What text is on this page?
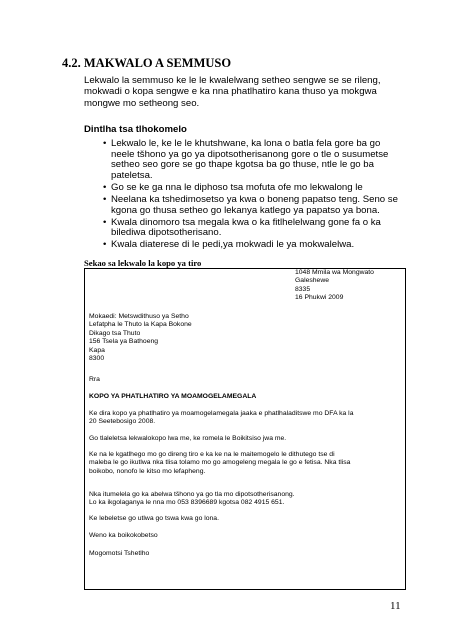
4.2. MAKWALO A SEMMUSO
Lekwalo la semmuso ke le le kwalelwang setheo sengwe se se rileng, mokwadi o kopa sengwe e ka nna phatlhatiro kana thuso ya mokgwa mongwe mo setheong seo.
Dintlha tsa tlhokomelo
• Lekwalo le, ke le le khutshwane, ka lona o batla fela gore ba go neele tšhono ya go ya dipotsotherisanong gore o tle o susumetse setheo seo gore se go thape kgotsa ba go thuse, ntle le go ba pateletsa.
• Go se ke ga nna le diphoso tsa mofuta ofe mo lekwalong le
• Neelana ka tshedimosetso ya kwa o boneng papatso teng. Seno se kgona go thusa setheo go lekanya katlego ya papatso ya bona.
• Kwala dinomoro tsa megala kwa o ka fitlhelelwang gone fa o ka bilediwa dipotsotherisano.
• Kwala diaterese di le pedi,ya mokwadi le ya mokwalelwa.
Sekao sa lekwalo la kopo ya tiro
1048 Mmila wa Mongwato
Galeshewe
8335
16 Phukwi 2009
Mokaedi: Metswdithuso ya Setho
Lefatpha le Thuto la Kapa Bokone
Dikago tsa Thuto
156 Tsela ya Bathoeng
Kapa
8300
Rra
KOPO YA PHATLHATIRO YA MOAMOGELAMEGALA
Ke dira kopo ya phatlhatiro ya moamogelamegala jaaka e phatlhaladitswe mo DFA ka la
20 Seetebosigo 2008.
Go tlaleletsa lekwalokopo lwa me, ke romela le Boikitsiso jwa me.
Ke na le kgatlhego mo go direng tiro e ka ke na le maitemogelo le dithutego tse di
maleba le go ikutlwa nka tlisa tolamo mo go amogeleng megala le go e fetisa. Nka tlisa
boikobo, nonofo le kitso mo lefapheng.
Nka itumelela go ka abelwa tšhono ya go tla mo dipotsotherisanong.
Lo ka ikgolaganya le nna mo 053 8396689 kgotsa 082 4915 651.
Ke lebeletse go utlwa go tswa kwa go lona.
Weno ka boikokobetso
Mogomotsi Tshetlho
11
